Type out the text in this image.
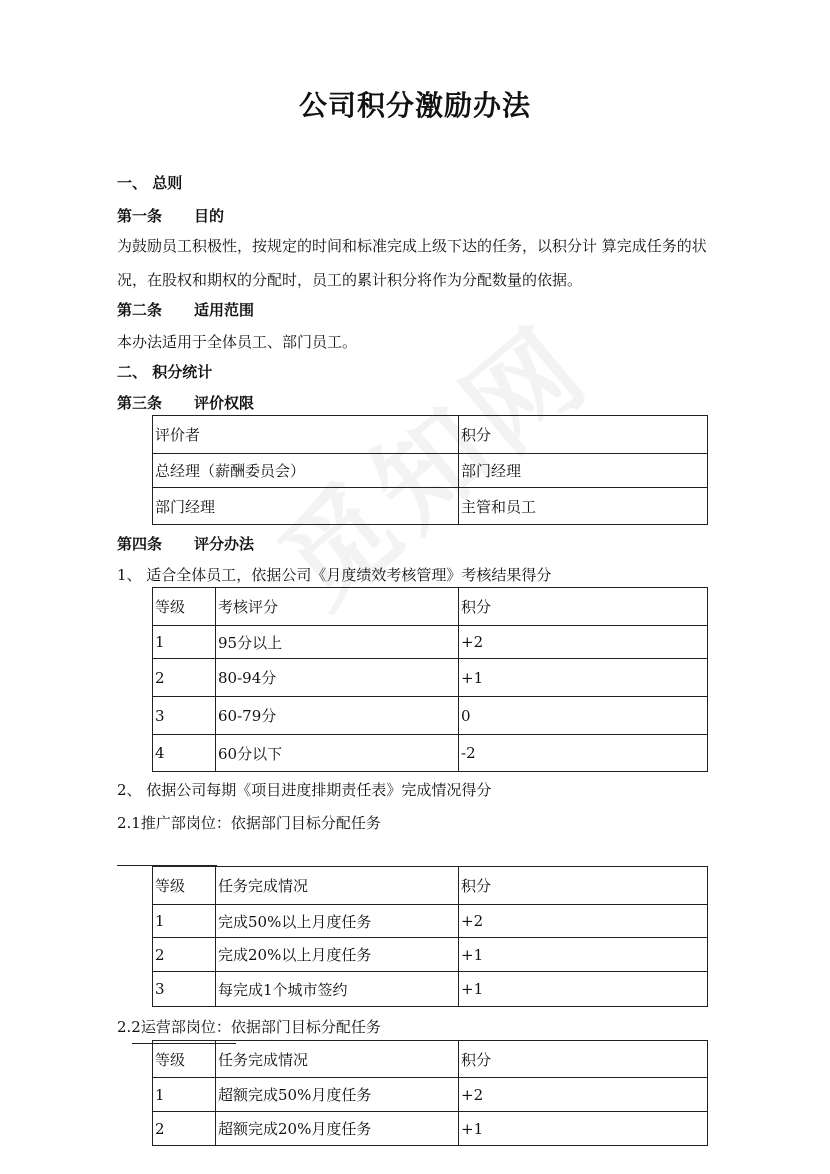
公司积分激励办法
一、 总则
第一条 目的
为鼓励员工积极性，按规定的时间和标准完成上级下达的任务，以积分计 算完成任务的状况，在股权和期权的分配时，员工的累计积分将作为分配数量的依据。
第二条 适用范围
本办法适用于全体员工、部门员工。
二、 积分统计
第三条 评价权限
评价者	积分
总经理（薪酬委员会）	部门经理
部门经理	主管和员工
第四条 评分办法
1、 适合全体员工，依据公司《月度绩效考核管理》考核结果得分
等级	考核评分	积分
1	95分以上	+2
2	80-94分	+1
3	60-79分	0
4	60分以下	-2
2、 依据公司每期《项目进度排期责任表》完成情况得分
2.1推广部岗位：依据部门目标分配任务
等级	任务完成情况	积分
1	完成50%以上月度任务	+2
2	完成20%以上月度任务	+1
3	每完成1个城市签约	+1
2.2运营部岗位：依据部门目标分配任务
等级	任务完成情况	积分
1	超额完成50%月度任务	+2
2	超额完成20%月度任务	+1
